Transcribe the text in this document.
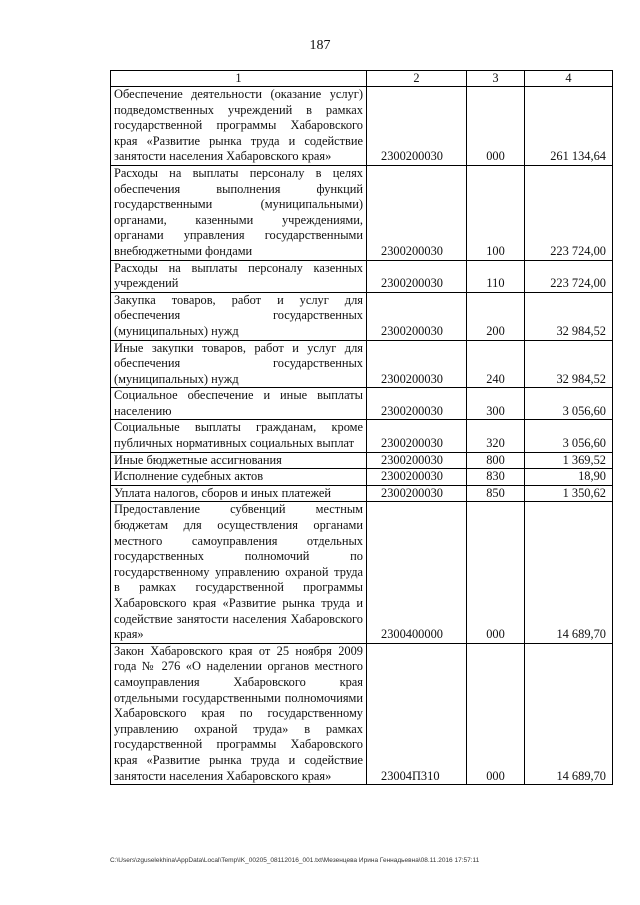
187
1	2	3	4
Обеспечение деятельности (оказание услуг) подведомственных учреждений в рамках государственной программы Хабаровского края «Развитие рынка труда и содействие занятости населения Хабаровского края»	2300200030	000	261 134,64
Расходы на выплаты персоналу в целях обеспечения выполнения функций государственными (муниципальными) органами, казенными учреждениями, органами управления государственными внебюджетными фондами	2300200030	100	223 724,00
Расходы на выплаты персоналу казенных учреждений	2300200030	110	223 724,00
Закупка товаров, работ и услуг для обеспечения государственных (муниципальных) нужд	2300200030	200	32 984,52
Иные закупки товаров, работ и услуг для обеспечения государственных (муниципальных) нужд	2300200030	240	32 984,52
Социальное обеспечение и иные выплаты населению	2300200030	300	3 056,60
Социальные выплаты гражданам, кроме публичных нормативных социальных выплат	2300200030	320	3 056,60
Иные бюджетные ассигнования	2300200030	800	1 369,52
Исполнение судебных актов	2300200030	830	18,90
Уплата налогов, сборов и иных платежей	2300200030	850	1 350,62
Предоставление субвенций местным бюджетам для осуществления органами местного самоуправления отдельных государственных полномочий по государственному управлению охраной труда в рамках государственной программы Хабаровского края «Развитие рынка труда и содействие занятости населения Хабаровского края»	2300400000	000	14 689,70
Закон Хабаровского края от 25 ноября 2009 года № 276 «О наделении органов местного самоуправления Хабаровского края отдельными государственными полномочиями Хабаровского края по государственному управлению охраной труда» в рамках государственной программы Хабаровского края «Развитие рынка труда и содействие занятости населения Хабаровского края»	23004П310	000	14 689,70
C:\Users\zguselekhina\AppData\Local\Temp\IK_00205_08112016_001.txt\Мезенцева Ирина Геннадьевна\08.11.2016 17:57:11
